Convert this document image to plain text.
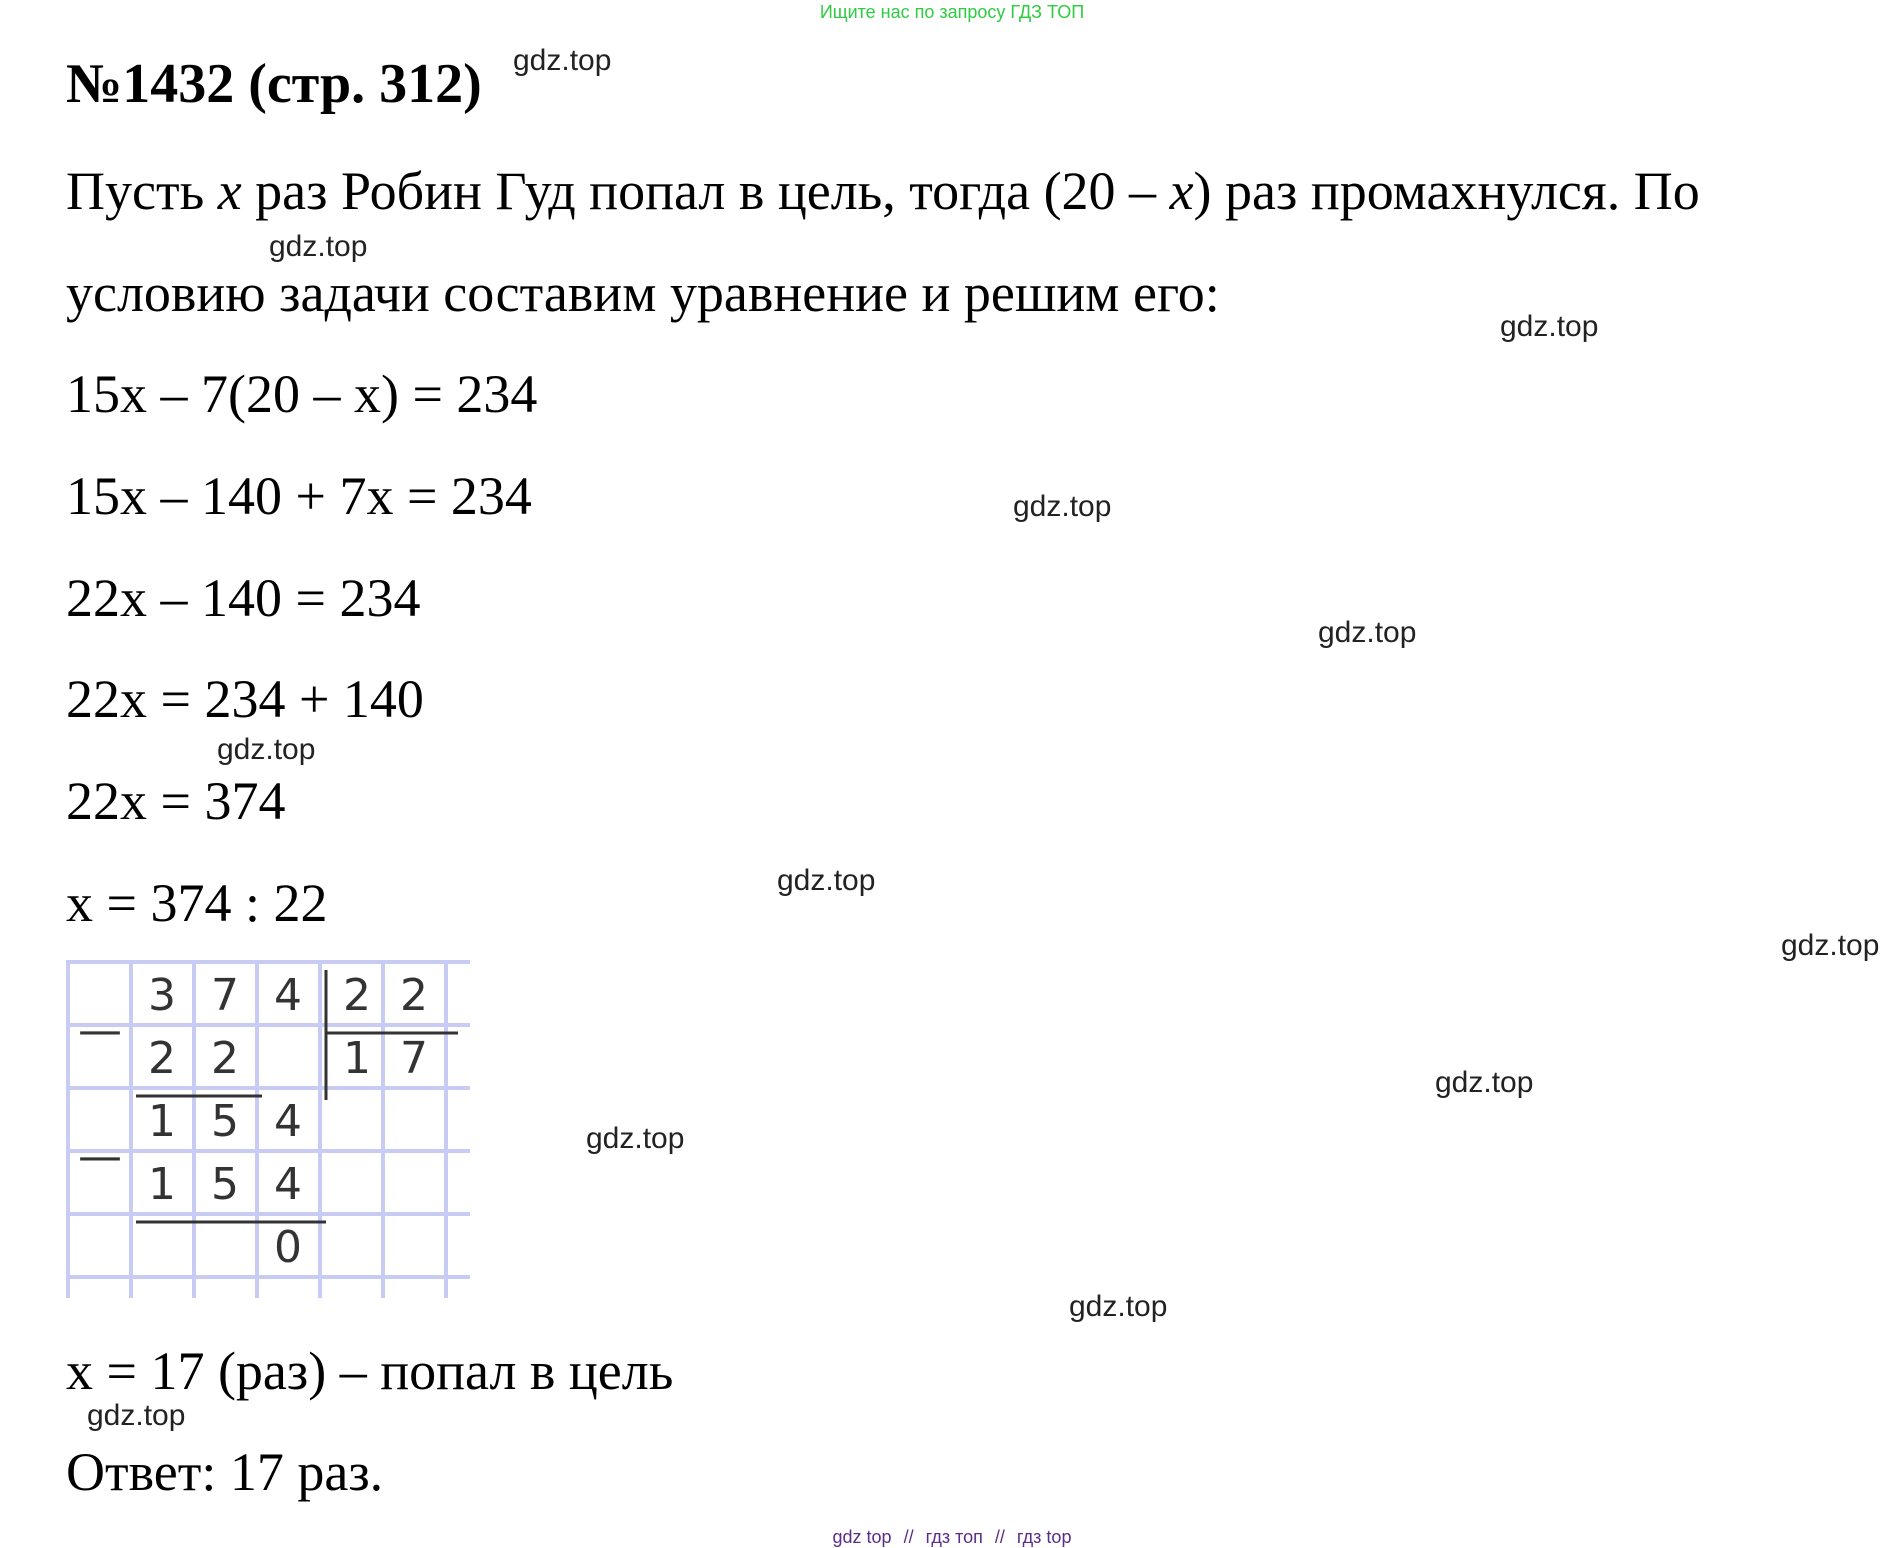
Ищите нас по запросу ГДЗ ТОП
№1432 (стр. 312) gdz.top
gdz.top
gdz.top
gdz.top
gdz.top
gdz.top
gdz.top
gdz.top
gdz.top
gdz.top
gdz.top
gdz.top
Пусть x раз Робин Гуд попал в цель, тогда (20 – x) раз промахнулся. По
условию задачи составим уравнение и решим его:
15x – 7(20 – x) = 234
15x – 140 + 7x = 234
22x – 140 = 234
22x = 234 + 140
22x = 374
x = 374 : 22
—
—
3 7 4 2 2
2 2 1 7
1 5 4
1 5 4
0
x = 17 (раз) – попал в цель
Ответ: 17 раз.
gdz top // гдз топ // гдз top
